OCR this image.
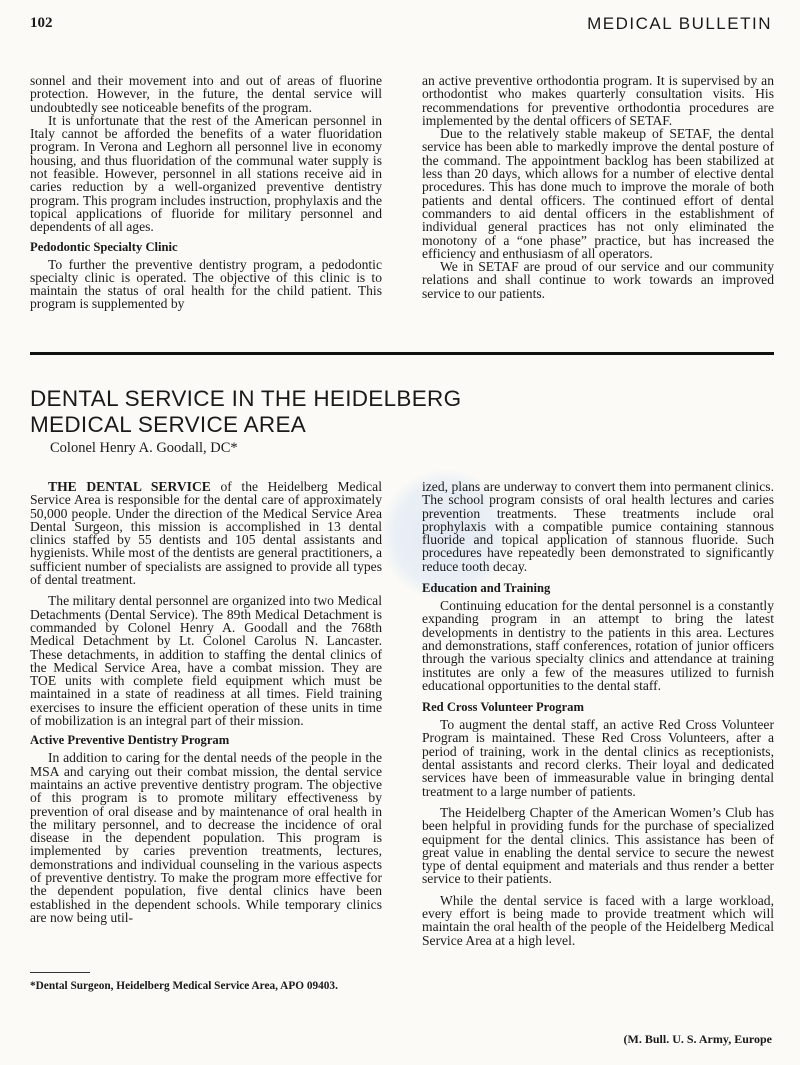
102	MEDICAL BULLETIN

sonnel and their movement into and out of areas of fluorine protection. However, in the future, the dental service will undoubtedly see noticeable benefits of the program.

It is unfortunate that the rest of the American personnel in Italy cannot be afforded the benefits of a water fluoridation program. In Verona and Leghorn all personnel live in economy housing, and thus fluoridation of the communal water supply is not feasible. However, personnel in all stations receive aid in caries reduction by a well-organized preventive dentistry program. This program includes instruction, prophylaxis and the topical applications of fluoride for military personnel and dependents of all ages.

Pedodontic Specialty Clinic

To further the preventive dentistry program, a pedodontic specialty clinic is operated. The objective of this clinic is to maintain the status of oral health for the child patient. This program is supplemented by

an active preventive orthodontia program. It is supervised by an orthodontist who makes quarterly consultation visits. His recommendations for preventive orthodontia procedures are implemented by the dental officers of SETAF.

Due to the relatively stable makeup of SETAF, the dental service has been able to markedly improve the dental posture of the command. The appointment backlog has been stabilized at less than 20 days, which allows for a number of elective dental procedures. This has done much to improve the morale of both patients and dental officers. The continued effort of dental commanders to aid dental officers in the establishment of individual general practices has not only eliminated the monotony of a “one phase” practice, but has increased the efficiency and enthusiasm of all operators.

We in SETAF are proud of our service and our community relations and shall continue to work towards an improved service to our patients.

DENTAL SERVICE IN THE HEIDELBERG
MEDICAL SERVICE AREA
Colonel Henry A. Goodall, DC*

THE DENTAL SERVICE of the Heidelberg Medical Service Area is responsible for the dental care of approximately 50,000 people. Under the direction of the Medical Service Area Dental Surgeon, this mission is accomplished in 13 dental clinics staffed by 55 dentists and 105 dental assistants and hygienists. While most of the dentists are general practitioners, a sufficient number of specialists are assigned to provide all types of dental treatment.

The military dental personnel are organized into two Medical Detachments (Dental Service). The 89th Medical Detachment is commanded by Colonel Henry A. Goodall and the 768th Medical Detachment by Lt. Colonel Carolus N. Lancaster. These detachments, in addition to staffing the dental clinics of the Medical Service Area, have a combat mission. They are TOE units with complete field equipment which must be maintained in a state of readiness at all times. Field training exercises to insure the efficient operation of these units in time of mobilization is an integral part of their mission.

Active Preventive Dentistry Program

In addition to caring for the dental needs of the people in the MSA and carying out their combat mission, the dental service maintains an active preventive dentistry program. The objective of this program is to promote military effectiveness by prevention of oral disease and by maintenance of oral health in the military personnel, and to decrease the incidence of oral disease in the dependent population. This program is implemented by caries prevention treatments, lectures, demonstrations and individual counseling in the various aspects of preventive dentistry. To make the program more effective for the dependent population, five dental clinics have been established in the dependent schools. While temporary clinics are now being util-

ized, plans are underway to convert them into permanent clinics. The school program consists of oral health lectures and caries prevention treatments. These treatments include oral prophylaxis with a compatible pumice containing stannous fluoride and topical application of stannous fluoride. Such procedures have repeatedly been demonstrated to significantly reduce tooth decay.

Education and Training

Continuing education for the dental personnel is a constantly expanding program in an attempt to bring the latest developments in dentistry to the patients in this area. Lectures and demonstrations, staff conferences, rotation of junior officers through the various specialty clinics and attendance at training institutes are only a few of the measures utilized to furnish educational opportunities to the dental staff.

Red Cross Volunteer Program

To augment the dental staff, an active Red Cross Volunteer Program is maintained. These Red Cross Volunteers, after a period of training, work in the dental clinics as receptionists, dental assistants and record clerks. Their loyal and dedicated services have been of immeasurable value in bringing dental treatment to a large number of patients.

The Heidelberg Chapter of the American Women’s Club has been helpful in providing funds for the purchase of specialized equipment for the dental clinics. This assistance has been of great value in enabling the dental service to secure the newest type of dental equipment and materials and thus render a better service to their patients.

While the dental service is faced with a large workload, every effort is being made to provide treatment which will maintain the oral health of the people of the Heidelberg Medical Service Area at a high level.

*Dental Surgeon, Heidelberg Medical Service Area, APO 09403.
(M. Bull. U. S. Army, Europe
